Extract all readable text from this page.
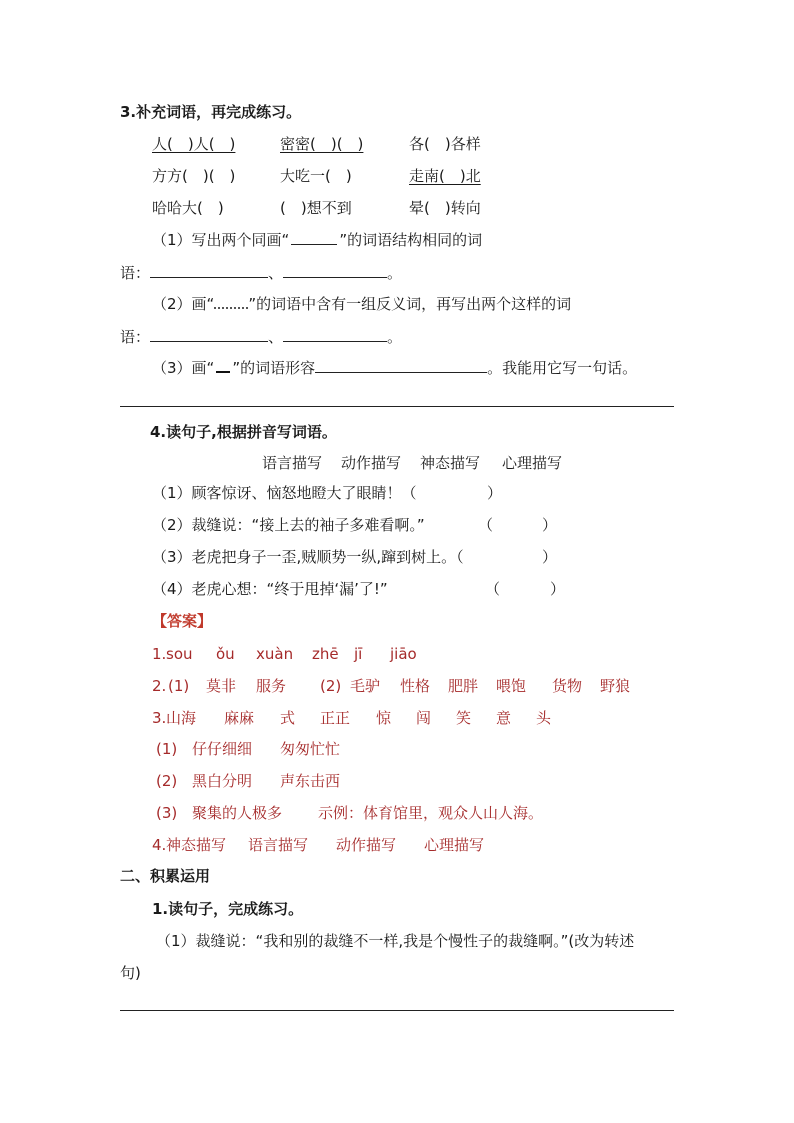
3.补充词语，再完成练习。
人(　)人(　)	密密(　)(　)	各(　)各样
方方(　)(　)	大吃一(　)	走南(　)北
哈哈大(　)	(　)想不到	晕(　)转向
（1）写出两个同画“	”的词语结构相同的词
语：	、	。
（2）画“ ”的词语中含有一组反义词，再写出两个这样的词
语：	、	。
（3）画“ ”的词语形容	。我能用它写一句话。
4.读句子,根据拼音写词语。
语言描写 动作描写 神态描写 心理描写
（1）顾客惊讶、恼怒地瞪大了眼睛！（	）
（2）裁缝说：“接上去的袖子多难看啊。”	（	）
（3）老虎把身子一歪,贼顺势一纵,蹿到树上。（	）
（4）老虎心想：“终于甩掉‘漏’了!”	（	）
【答案】
1. sou ǒu xuàn zhē jī jiāo
2. (1) 莫非 服务 (2) 毛驴 性格 肥胖 喂饱 货物 野狼
3. 山海 麻麻 式 正正 惊 闯 笑 意 头
(1) 仔仔细细 匆匆忙忙
(2) 黑白分明 声东击西
(3) 聚集的人极多 示例：体育馆里，观众人山人海。
4. 神态描写 语言描写 动作描写 心理描写
二、积累运用
1.读句子，完成练习。
（1）裁缝说：“我和别的裁缝不一样,我是个慢性子的裁缝啊。”(改为转述
句)
